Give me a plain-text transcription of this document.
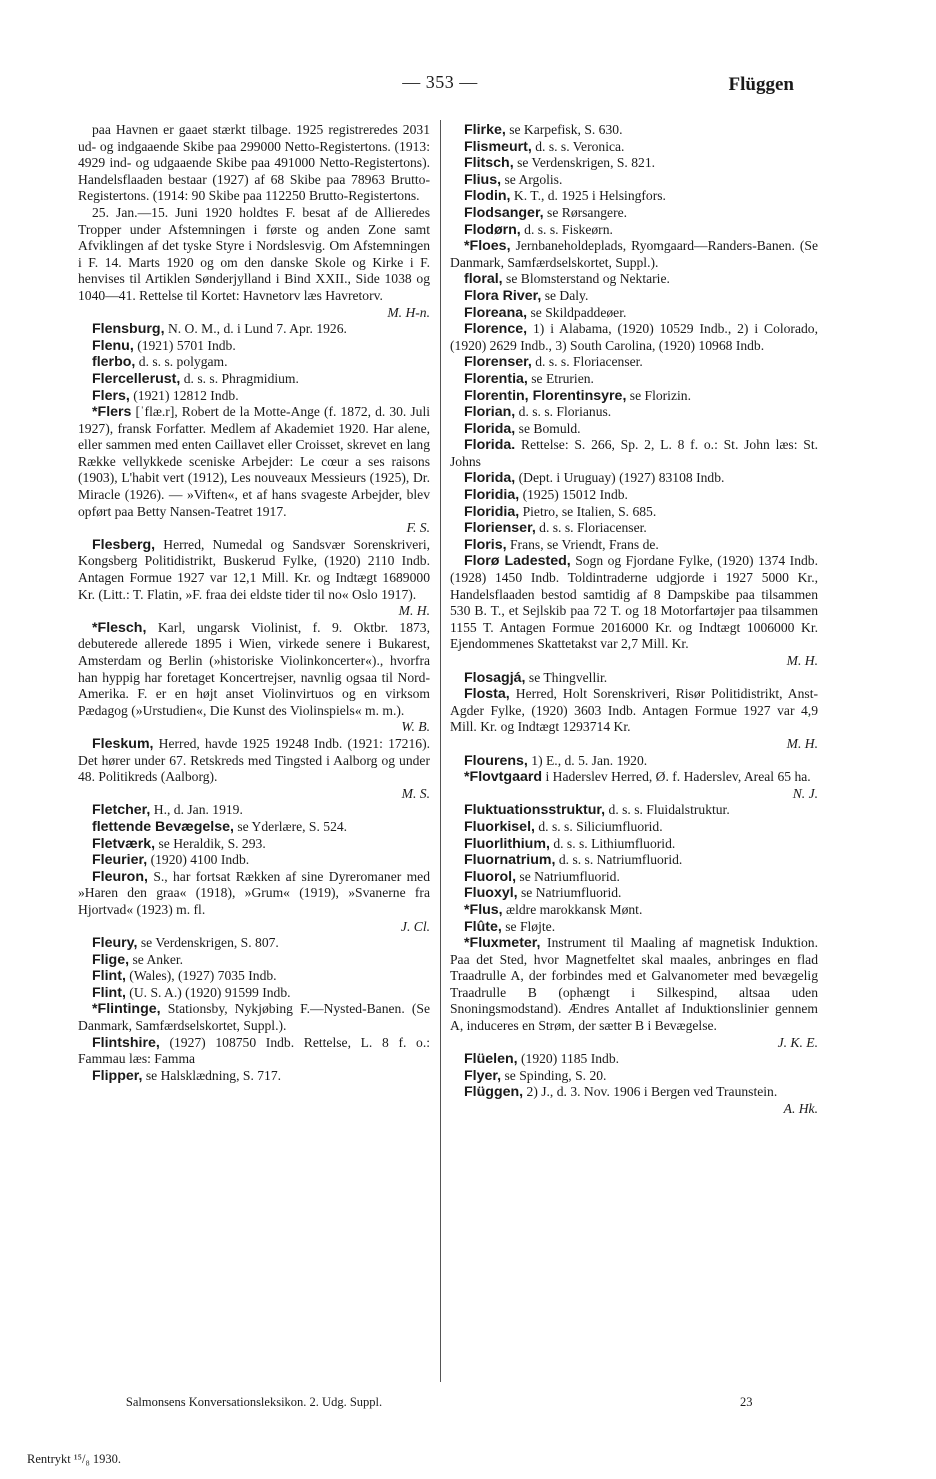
— 353 —	Flüggen

paa Havnen er gaaet stærkt tilbage. 1925 registreredes 2031 ud- og indgaaende Skibe paa 299000 Netto-Registertons. (1913: 4929 ind- og udgaaende Skibe paa 491000 Netto-Registertons). Handelsflaaden bestaar (1927) af 68 Skibe paa 78963 Brutto-Registertons. (1914: 90 Skibe paa 112250 Brutto-Registertons.

25. Jan.—15. Juni 1920 holdtes F. besat af de Allieredes Tropper under Afstemningen i første og anden Zone samt Afviklingen af det tyske Styre i Nordslesvig. Om Afstemningen i F. 14. Marts 1920 og om den danske Skole og Kirke i F. henvises til Artiklen Sønderjylland i Bind XXII., Side 1038 og 1040—41. Rettelse til Kortet: Havnetorv læs Havretorv.

M. H-n.

Flensburg, N. O. M., d. i Lund 7. Apr. 1926.

Flenu, (1921) 5701 Indb.

flerbo, d. s. s. polygam.

Flercellerust, d. s. s. Phragmidium.

Flers, (1921) 12812 Indb.

*Flers [ˈflæ.r], Robert de la Motte-Ange (f. 1872, d. 30. Juli 1927), fransk Forfatter. Medlem af Akademiet 1920. Har alene, eller sammen med enten Caillavet eller Croisset, skrevet en lang Række vellykkede sceniske Arbejder: Le cœur a ses raisons (1903), L'habit vert (1912), Les nouveaux Messieurs (1925), Dr. Miracle (1926). — »Viften«, et af hans svageste Arbejder, blev opført paa Betty Nansen-Teatret 1917.

F. S.

Flesberg, Herred, Numedal og Sandsvær Sorenskriveri, Kongsberg Politidistrikt, Buskerud Fylke, (1920) 2110 Indb. Antagen Formue 1927 var 12,1 Mill. Kr. og Indtægt 1689000 Kr. (Litt.: T. Flatin, »F. fraa dei eldste tider til no« Oslo 1917).

M. H.

*Flesch, Karl, ungarsk Violinist, f. 9. Oktbr. 1873, debuterede allerede 1895 i Wien, virkede senere i Bukarest, Amsterdam og Berlin (»historiske Violinkoncerter«)., hvorfra han hyppig har foretaget Koncertrejser, navnlig ogsaa til Nord-Amerika. F. er en højt anset Violinvirtuos og en virksom Pædagog (»Urstudien«, Die Kunst des Violinspiels« m. m.).

W. B.

Fleskum, Herred, havde 1925 19248 Indb. (1921: 17216). Det hører under 67. Retskreds med Tingsted i Aalborg og under 48. Politikreds (Aalborg).

M. S.

Fletcher, H., d. Jan. 1919.

flettende Bevægelse, se Yderlære, S. 524.

Fletværk, se Heraldik, S. 293.

Fleurier, (1920) 4100 Indb.

Fleuron, S., har fortsat Rækken af sine Dyreromaner med »Haren den graa« (1918), »Grum« (1919), »Svanerne fra Hjortvad« (1923) m. fl.

J. Cl.

Fleury, se Verdenskrigen, S. 807.

Flige, se Anker.

Flint, (Wales), (1927) 7035 Indb.

Flint, (U. S. A.) (1920) 91599 Indb.

*Flintinge, Stationsby, Nykjøbing F.—Nysted-Banen. (Se Danmark, Samfærdselskortet, Suppl.).

Flintshire, (1927) 108750 Indb. Rettelse, L. 8 f. o.: Fammau læs: Famma

Flipper, se Halsklædning, S. 717.

Flirke, se Karpefisk, S. 630.

Flismeurt, d. s. s. Veronica.

Flitsch, se Verdenskrigen, S. 821.

Flius, se Argolis.

Flodin, K. T., d. 1925 i Helsingfors.

Flodsanger, se Rørsangere.

Flodørn, d. s. s. Fiskeørn.

*Floes, Jernbaneholdeplads, Ryomgaard—Randers-Banen. (Se Danmark, Samfærdselskortet, Suppl.).

floral, se Blomsterstand og Nektarie.

Flora River, se Daly.

Floreana, se Skildpaddeøer.

Florence, 1) i Alabama, (1920) 10529 Indb., 2) i Colorado, (1920) 2629 Indb., 3) South Carolina, (1920) 10968 Indb.

Florenser, d. s. s. Floriacenser.

Florentia, se Etrurien.

Florentin, Florentinsyre, se Florizin.

Florian, d. s. s. Florianus.

Florida, se Bomuld.

Florida. Rettelse: S. 266, Sp. 2, L. 8 f. o.: St. John læs: St. Johns

Florida, (Dept. i Uruguay) (1927) 83108 Indb.

Floridia, (1925) 15012 Indb.

Floridia, Pietro, se Italien, S. 685.

Florienser, d. s. s. Floriacenser.

Floris, Frans, se Vriendt, Frans de.

Florø Ladested, Sogn og Fjordane Fylke, (1920) 1374 Indb. (1928) 1450 Indb. Toldintraderne udgjorde i 1927 5000 Kr., Handelsflaaden bestod samtidig af 8 Dampskibe paa tilsammen 530 B. T., et Sejlskib paa 72 T. og 18 Motorfartøjer paa tilsammen 1155 T. Antagen Formue 2016000 Kr. og Indtægt 1006000 Kr. Ejendommenes Skattetakst var 2,7 Mill. Kr.

M. H.

Flosagjá, se Thingvellir.

Flosta, Herred, Holt Sorenskriveri, Risør Politidistrikt, Anst-Agder Fylke, (1920) 3603 Indb. Antagen Formue 1927 var 4,9 Mill. Kr. og Indtægt 1293714 Kr.

M. H.

Flourens, 1) E., d. 5. Jan. 1920.

*Flovtgaard i Haderslev Herred, Ø. f. Haderslev, Areal 65 ha.

N. J.

Fluktuationsstruktur, d. s. s. Fluidalstruktur.

Fluorkisel, d. s. s. Siliciumfluorid.

Fluorlithium, d. s. s. Lithiumfluorid.

Fluornatrium, d. s. s. Natriumfluorid.

Fluorol, se Natriumfluorid.

Fluoxyl, se Natriumfluorid.

*Flus, ældre marokkansk Mønt.

Flûte, se Fløjte.

*Fluxmeter, Instrument til Maaling af magnetisk Induktion. Paa det Sted, hvor Magnetfeltet skal maales, anbringes en flad Traadrulle A, der forbindes med et Galvanometer med bevægelig Traadrulle B (ophængt i Silkespind, altsaa uden Snoningsmodstand). Ændres Antallet af Induktionslinier gennem A, induceres en Strøm, der sætter B i Bevægelse.

J. K. E.

Flüelen, (1920) 1185 Indb.

Flyer, se Spinding, S. 20.

Flüggen, 2) J., d. 3. Nov. 1906 i Bergen ved Traunstein.

A. Hk.

Salmonsens Konversationsleksikon. 2. Udg. Suppl.	23
Rentrykt ¹⁵/₈ 1930.
